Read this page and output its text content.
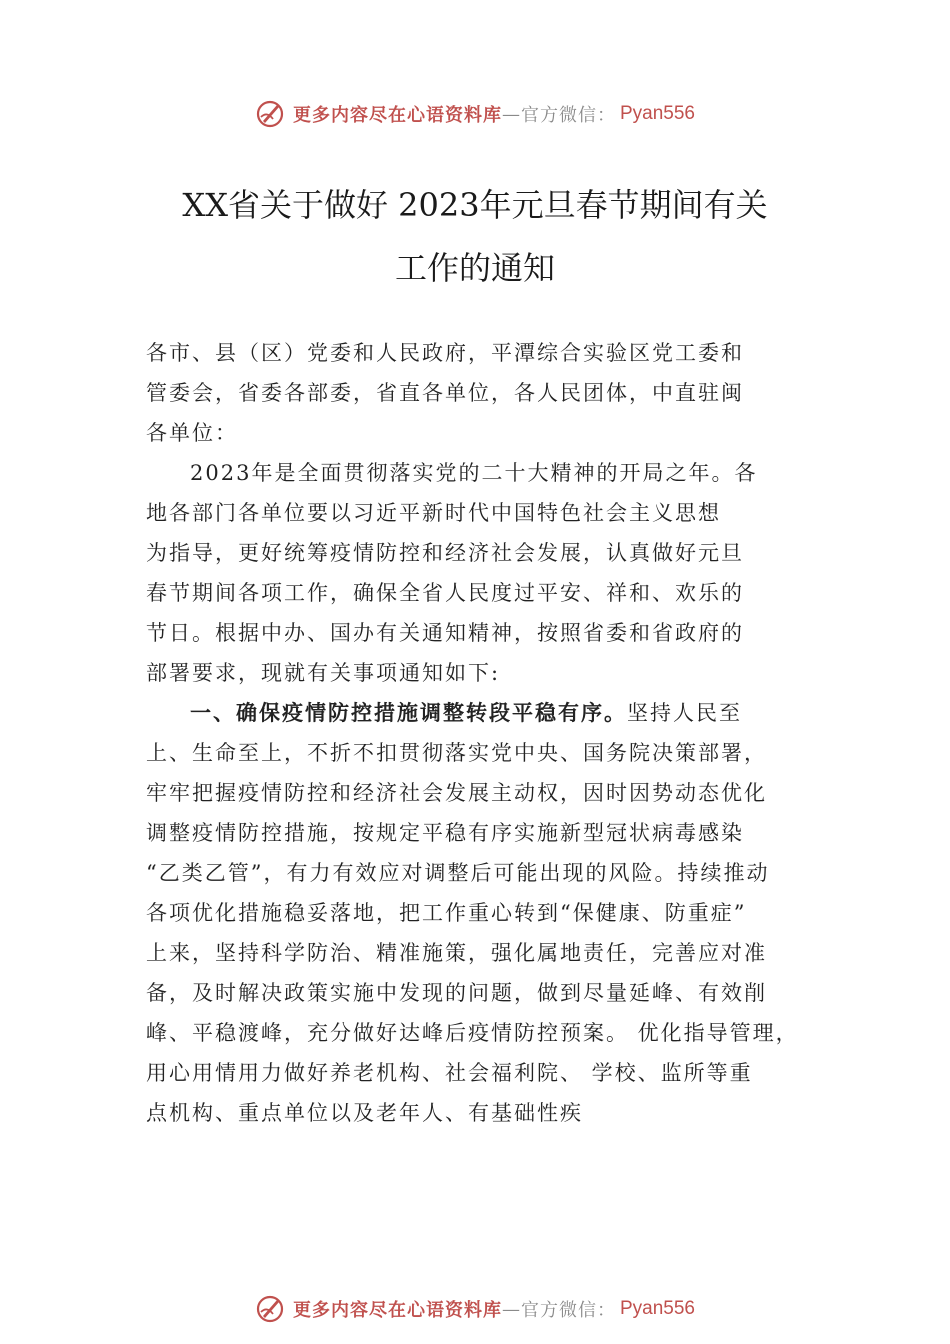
更多内容尽在心语资料库 — 官方微信： Pyan556
XX省关于做好 2023年元旦春节期间有关
工作的通知
各市、县（区）党委和人民政府，平潭综合实验区党工委和
管委会，省委各部委，省直各单位，各人民团体，中直驻闽
各单位：
2023年是全面贯彻落实党的二十大精神的开局之年。各
地各部门各单位要以习近平新时代中国特色社会主义思想
为指导，更好统筹疫情防控和经济社会发展，认真做好元旦
春节期间各项工作，确保全省人民度过平安、祥和、欢乐的
节日。根据中办、国办有关通知精神，按照省委和省政府的
部署要求，现就有关事项通知如下:
一、确保疫情防控措施调整转段平稳有序。坚持人民至
上、生命至上，不折不扣贯彻落实党中央、国务院决策部署，
牢牢把握疫情防控和经济社会发展主动权，因时因势动态优化
调整疫情防控措施，按规定平稳有序实施新型冠状病毒感染
“乙类乙管”，有力有效应对调整后可能出现的风险。持续推动
各项优化措施稳妥落地，把工作重心转到“保健康、防重症”
上来，坚持科学防治、精准施策，强化属地责任，完善应对准
备，及时解决政策实施中发现的问题，做到尽量延峰、有效削
峰、平稳渡峰，充分做好达峰后疫情防控预案。 优化指导管理，
用心用情用力做好养老机构、社会福利院、 学校、监所等重
点机构、重点单位以及老年人、有基础性疾
更多内容尽在心语资料库 — 官方微信： Pyan556
